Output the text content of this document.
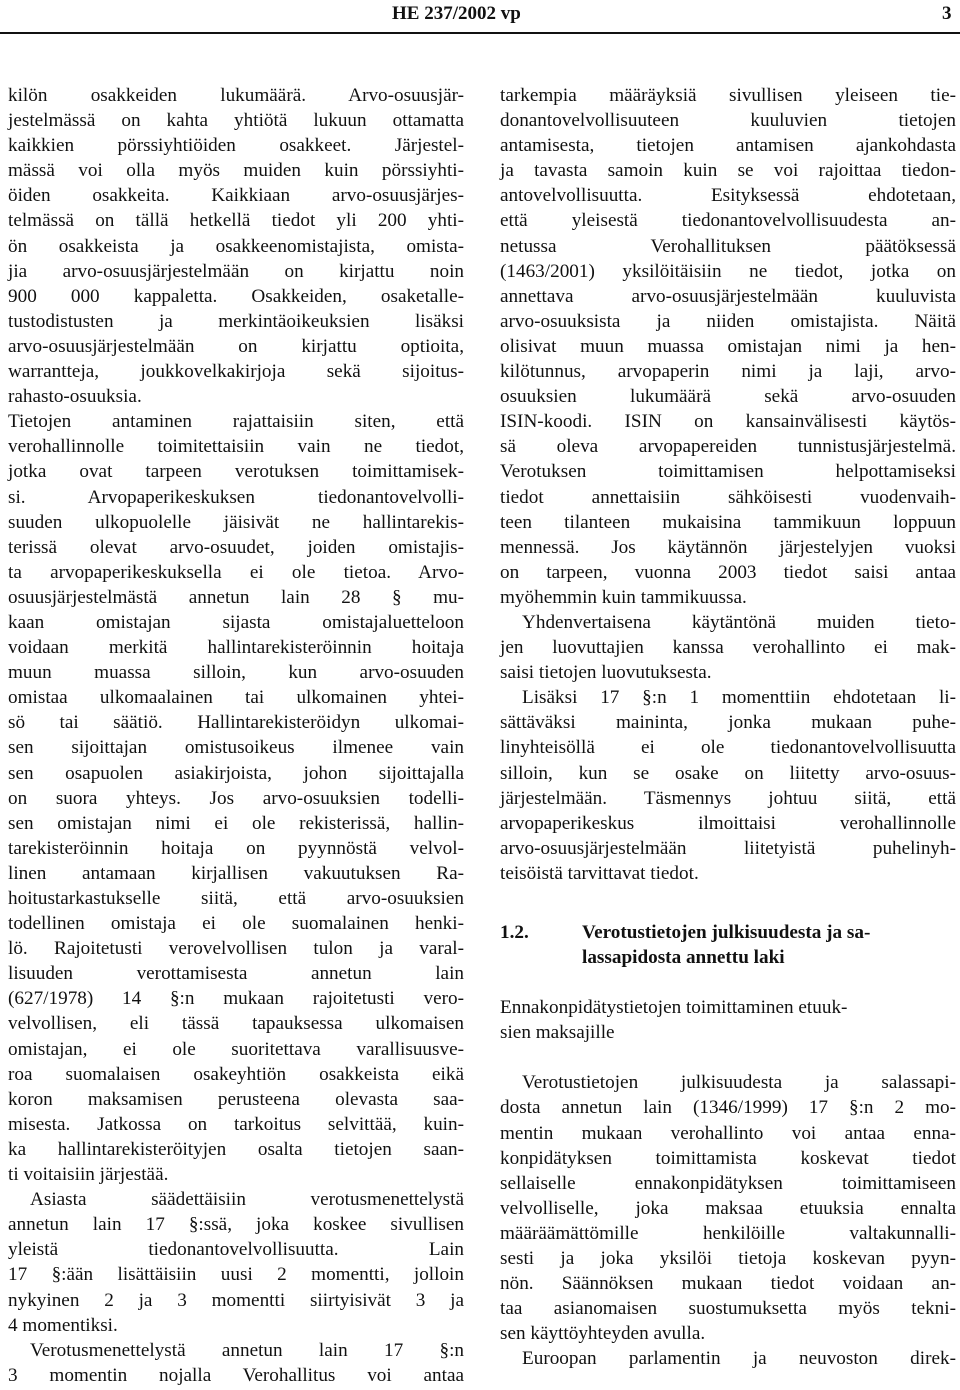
HE 237/2002 vp	3
kilön osakkeiden lukumäärä. Arvo-osuusjär-
jestelmässä on kahta yhtiötä lukuun ottamatta
kaikkien pörssiyhtiöiden osakkeet. Järjestel-
mässä voi olla myös muiden kuin pörssiyhti-
öiden osakkeita. Kaikkiaan arvo-osuusjärjes-
telmässä on tällä hetkellä tiedot yli 200 yhti-
ön osakkeista ja osakkeenomistajista, omista-
jia arvo-osuusjärjestelmään on kirjattu noin
900 000 kappaletta. Osakkeiden, osaketalle-
tustodistusten ja merkintäoikeuksien lisäksi
arvo-osuusjärjestelmään on kirjattu optioita,
warrantteja, joukkovelkakirjoja sekä sijoitus-
rahasto-osuuksia.
Tietojen antaminen rajattaisiin siten, että
verohallinnolle toimitettaisiin vain ne tiedot,
jotka ovat tarpeen verotuksen toimittamisek-
si. Arvopaperikeskuksen tiedonantovelvolli-
suuden ulkopuolelle jäisivät ne hallintarekis-
terissä olevat arvo-osuudet, joiden omistajis-
ta arvopaperikeskuksella ei ole tietoa. Arvo-
osuusjärjestelmästä annetun lain 28 § mu-
kaan omistajan sijasta omistajaluetteloon
voidaan merkitä hallintarekisteröinnin hoitaja
muun muassa silloin, kun arvo-osuuden
omistaa ulkomaalainen tai ulkomainen yhtei-
sö tai säätiö. Hallintarekisteröidyn ulkomai-
sen sijoittajan omistusoikeus ilmenee vain
sen osapuolen asiakirjoista, johon sijoittajalla
on suora yhteys. Jos arvo-osuuksien todelli-
sen omistajan nimi ei ole rekisterissä, hallin-
tarekisteröinnin hoitaja on pyynnöstä velvol-
linen antamaan kirjallisen vakuutuksen Ra-
hoitustarkastukselle siitä, että arvo-osuuksien
todellinen omistaja ei ole suomalainen henki-
lö. Rajoitetusti verovelvollisen tulon ja varal-
lisuuden verottamisesta annetun lain
(627/1978) 14 §:n mukaan rajoitetusti vero-
velvollisen, eli tässä tapauksessa ulkomaisen
omistajan, ei ole suoritettava varallisuusve-
roa suomalaisen osakeyhtiön osakkeista eikä
koron maksamisen perusteena olevasta saa-
misesta. Jatkossa on tarkoitus selvittää, kuin-
ka hallintarekisteröityjen osalta tietojen saan-
ti voitaisiin järjestää.
Asiasta säädettäisiin verotusmenettelystä
annetun lain 17 §:ssä, joka koskee sivullisen
yleistä tiedonantovelvollisuutta. Lain
17 §:ään lisättäisiin uusi 2 momentti, jolloin
nykyinen 2 ja 3 momentti siirtyisivät 3 ja
4 momentiksi.
Verotusmenettelystä annetun lain 17 §:n
3 momentin nojalla Verohallitus voi antaa
tarkempia määräyksiä sivullisen yleiseen tie-
donantovelvollisuuteen kuuluvien tietojen
antamisesta, tietojen antamisen ajankohdasta
ja tavasta samoin kuin se voi rajoittaa tiedon-
antovelvollisuutta. Esityksessä ehdotetaan,
että yleisestä tiedonantovelvollisuudesta an-
netussa Verohallituksen päätöksessä
(1463/2001) yksilöitäisiin ne tiedot, jotka on
annettava arvo-osuusjärjestelmään kuuluvista
arvo-osuuksista ja niiden omistajista. Näitä
olisivat muun muassa omistajan nimi ja hen-
kilötunnus, arvopaperin nimi ja laji, arvo-
osuuksien lukumäärä sekä arvo-osuuden
ISIN-koodi. ISIN on kansainvälisesti käytös-
sä oleva arvopapereiden tunnistusjärjestelmä.
Verotuksen toimittamisen helpottamiseksi
tiedot annettaisiin sähköisesti vuodenvaih-
teen tilanteen mukaisina tammikuun loppuun
mennessä. Jos käytännön järjestelyjen vuoksi
on tarpeen, vuonna 2003 tiedot saisi antaa
myöhemmin kuin tammikuussa.
Yhdenvertaisena käytäntönä muiden tieto-
jen luovuttajien kanssa verohallinto ei mak-
saisi tietojen luovutuksesta.
Lisäksi 17 §:n 1 momenttiin ehdotetaan li-
sättäväksi maininta, jonka mukaan puhe-
linyhteisöllä ei ole tiedonantovelvollisuutta
silloin, kun se osake on liitetty arvo-osuus-
järjestelmään. Täsmennys johtuu siitä, että
arvopaperikeskus ilmoittaisi verohallinnolle
arvo-osuusjärjestelmään liitetyistä puhelinyh-
teisöistä tarvittavat tiedot.
1.2.	Verotustietojen julkisuudesta ja sa-
lassapidosta annettu laki
Ennakonpidätystietojen toimittaminen etuuk-
sien maksajille
Verotustietojen julkisuudesta ja salassapi-
dosta annetun lain (1346/1999) 17 §:n 2 mo-
mentin mukaan verohallinto voi antaa enna-
konpidätyksen toimittamista koskevat tiedot
sellaiselle ennakonpidätyksen toimittamiseen
velvolliselle, joka maksaa etuuksia ennalta
määräämättömille henkilöille valtakunnalli-
sesti ja joka yksilöi tietoja koskevan pyyn-
nön. Säännöksen mukaan tiedot voidaan an-
taa asianomaisen suostumuksetta myös tekni-
sen käyttöyhteyden avulla.
Euroopan parlamentin ja neuvoston direk-
